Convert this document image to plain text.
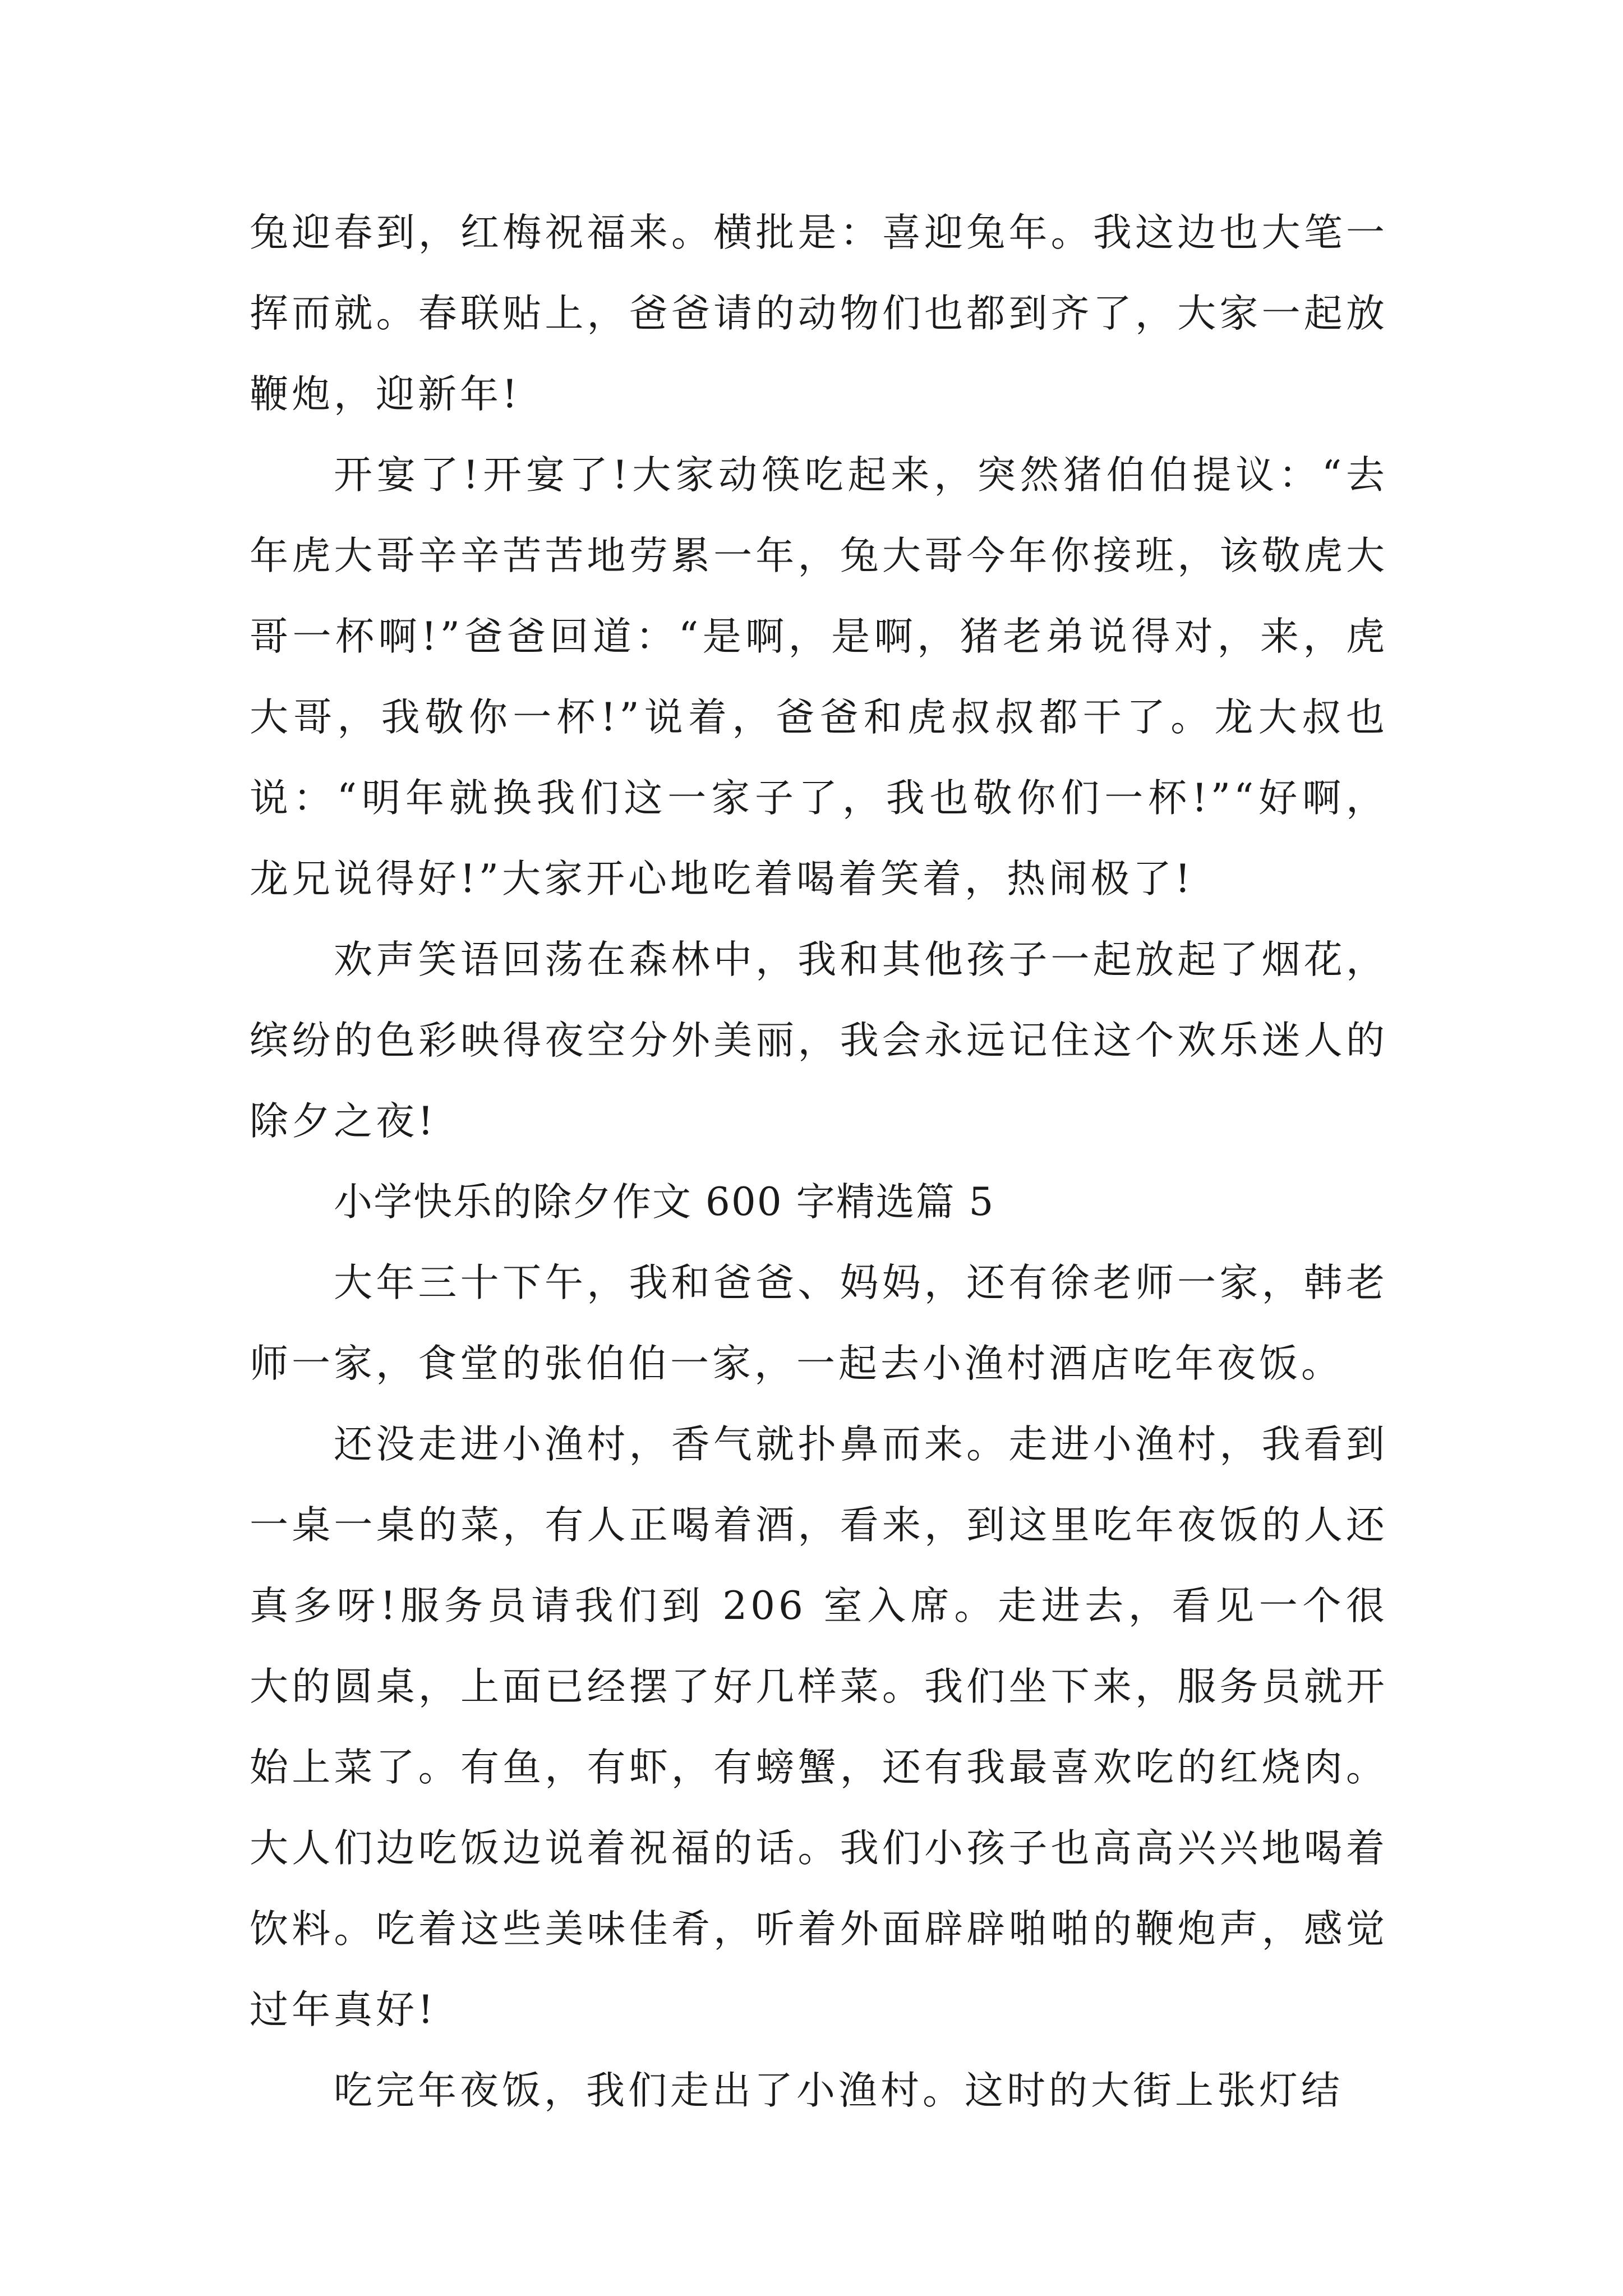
兔迎春到，红梅祝福来。横批是：喜迎兔年。我这边也大笔一挥而就。春联贴上，爸爸请的动物们也都到齐了，大家一起放鞭炮，迎新年!

开宴了!开宴了!大家动筷吃起来，突然猪伯伯提议：“去年虎大哥辛辛苦苦地劳累一年，兔大哥今年你接班，该敬虎大哥一杯啊!”爸爸回道：“是啊，是啊，猪老弟说得对，来，虎大哥，我敬你一杯!”说着，爸爸和虎叔叔都干了。龙大叔也说：“明年就换我们这一家子了，我也敬你们一杯!”“好啊，龙兄说得好!”大家开心地吃着喝着笑着，热闹极了!

欢声笑语回荡在森林中，我和其他孩子一起放起了烟花，缤纷的色彩映得夜空分外美丽，我会永远记住这个欢乐迷人的除夕之夜!

小学快乐的除夕作文 600 字精选篇 5

大年三十下午，我和爸爸、妈妈，还有徐老师一家，韩老师一家，食堂的张伯伯一家，一起去小渔村酒店吃年夜饭。

还没走进小渔村，香气就扑鼻而来。走进小渔村，我看到一桌一桌的菜，有人正喝着酒，看来，到这里吃年夜饭的人还真多呀!服务员请我们到 206 室入席。走进去，看见一个很大的圆桌，上面已经摆了好几样菜。我们坐下来，服务员就开始上菜了。有鱼，有虾，有螃蟹，还有我最喜欢吃的红烧肉。大人们边吃饭边说着祝福的话。我们小孩子也高高兴兴地喝着饮料。吃着这些美味佳肴，听着外面辟辟啪啪的鞭炮声，感觉过年真好!

吃完年夜饭，我们走出了小渔村。这时的大街上张灯结
